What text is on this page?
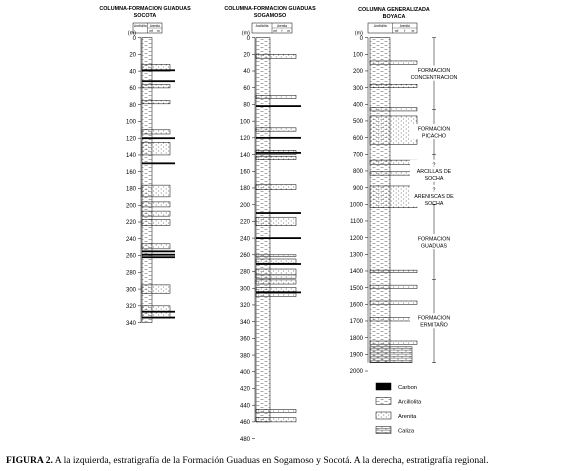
COLUMNA-FORMACION GUADUAS
SOCOTA
Arcillolita Arenita
mf m
(m)
0
20
40
60
80
100
120
140
160
180
200
220
240
260
280
300
320
340
COLUMNA-FORMACION GUADUAS
SOGAMOSO
Arcillolita	Arenita
mf f m
(m)
0
20
40
60
80
100
120
140
160
180
200
220
240
260
280
300
320
340
360
380
400
420
440
460
480
COLUMNA GENERALIZADA
BOYACA
Arcillolita	Arenita
mf f m
(m)
0
100
200
300
400
500
600
700
800
900
1000
1100
1200
1300
1400
1500
1600
1700
1800
1900
2000
FORMACION
CONCENTRACION
FORMACION
PICACHO
?
ARCILLAS DE
SOCHA
?
ARENISCAS DE
SOCHA
FORMACION
GUADUAS
FORMACION
ERMITAÑO
Carbon
Arcillolita
Arenita
Caliza
FIGURA 2. A la izquierda, estratigrafía de la Formación Guaduas en Sogamoso y Socotá. A la derecha, estratigrafía regional.
